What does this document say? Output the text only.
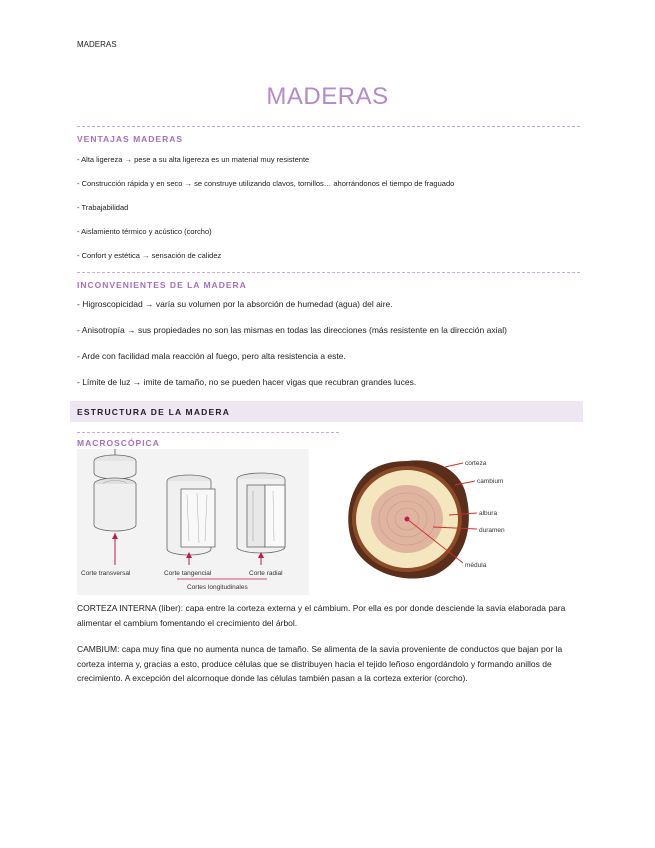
MADERAS
MADERAS
VENTAJAS MADERAS
- Alta ligereza → pese a su alta ligereza es un material muy resistente
- Construcción rápida y en seco → se construye utilizando clavos, tornillos… ahorrándonos el tiempo de fraguado
- Trabajabilidad
- Aislamiento térmico y acústico (corcho)
- Confort y estética → sensación de calidez
INCONVENIENTES DE LA MADERA
- Higroscopicidad → varía su volumen por la absorción de humedad (agua) del aire.
- Anisotropía → sus propiedades no son las mismas en todas las direcciones (más resistente en la dirección axial)
- Arde con facilidad mala reacción al fuego, pero alta resistencia a este.
- Límite de luz → imite de tamaño, no se pueden hacer vigas que recubran grandes luces.
ESTRUCTURA DE LA MADERA
MACROSCÓPICA
Corte transversal	Corte tangencial	Corte radial
Cortes longitudinales
corteza
cambium
albura
duramen
médula
CORTEZA INTERNA (líber): capa entre la corteza externa y el cámbium. Por ella es por donde desciende la savia elaborada para alimentar el cambium fomentando el crecimiento del árbol.
CAMBIUM: capa muy fina que no aumenta nunca de tamaño. Se alimenta de la savia proveniente de conductos que bajan por la corteza interna y, gracias a esto, produce células que se distribuyen hacia el tejido leñoso engordándolo y formando anillos de crecimiento. A excepción del alcornoque donde las células también pasan a la corteza exterior (corcho).
